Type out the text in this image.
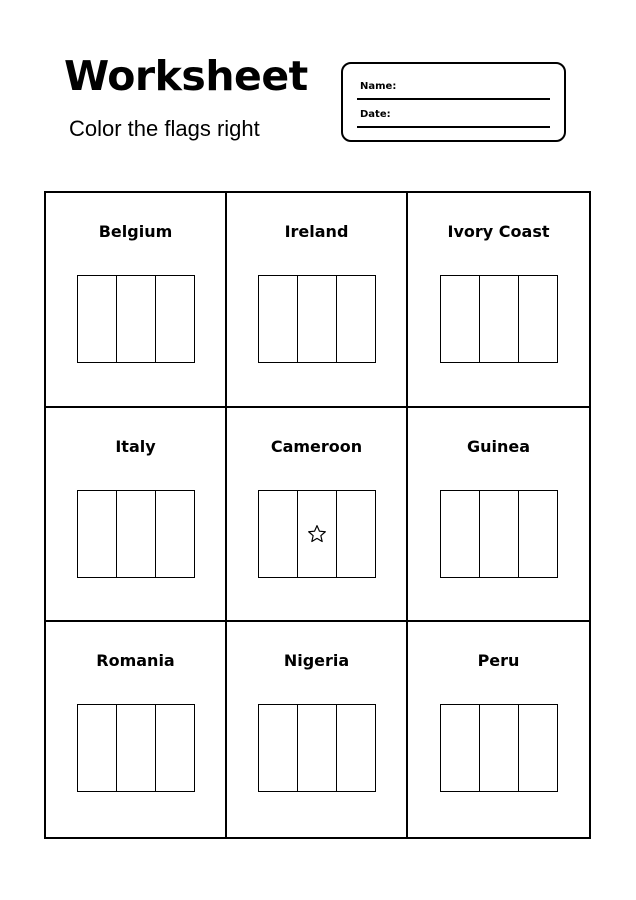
Worksheet
Color the flags right
Name:
Date:
Belgium	Ireland	Ivory Coast
Italy	Cameroon	Guinea
Romania	Nigeria	Peru
